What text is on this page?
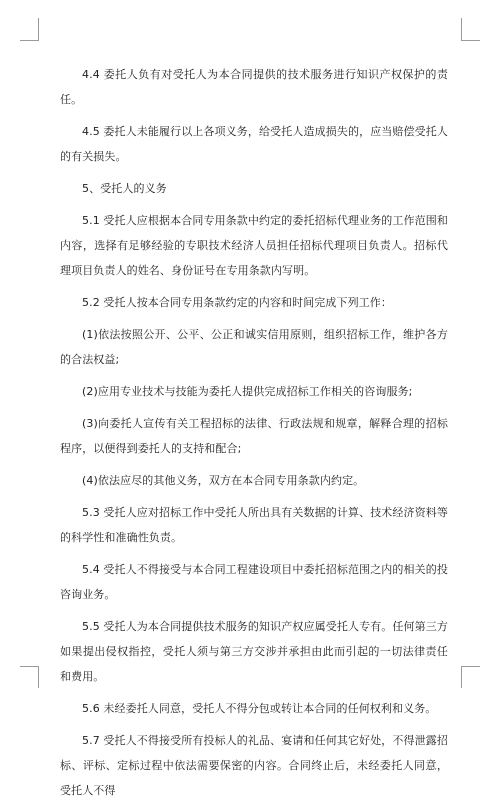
4.4 委托人负有对受托人为本合同提供的技术服务进行知识产权保护的责任。

4.5 委托人未能履行以上各项义务，给受托人造成损失的，应当赔偿受托人的有关损失。

5、受托人的义务

5.1 受托人应根据本合同专用条款中约定的委托招标代理业务的工作范围和内容，选择有足够经验的专职技术经济人员担任招标代理项目负责人。招标代理项目负责人的姓名、身份证号在专用条款内写明。

5.2 受托人按本合同专用条款约定的内容和时间完成下列工作：

(1)依法按照公开、公平、公正和诚实信用原则，组织招标工作，维护各方的合法权益;

(2)应用专业技术与技能为委托人提供完成招标工作相关的咨询服务;

(3)向委托人宣传有关工程招标的法律、行政法规和规章，解释合理的招标程序，以便得到委托人的支持和配合;

(4)依法应尽的其他义务，双方在本合同专用条款内约定。

5.3 受托人应对招标工作中受托人所出具有关数据的计算、技术经济资料等的科学性和准确性负责。

5.4 受托人不得接受与本合同工程建设项目中委托招标范围之内的相关的投咨询业务。

5.5 受托人为本合同提供技术服务的知识产权应属受托人专有。任何第三方如果提出侵权指控，受托人须与第三方交涉并承担由此而引起的一切法律责任和费用。

5.6 未经委托人同意，受托人不得分包或转让本合同的任何权利和义务。

5.7 受托人不得接受所有投标人的礼品、宴请和任何其它好处，不得泄露招标、评标、定标过程中依法需要保密的内容。合同终止后，未经委托人同意，受托人不得
